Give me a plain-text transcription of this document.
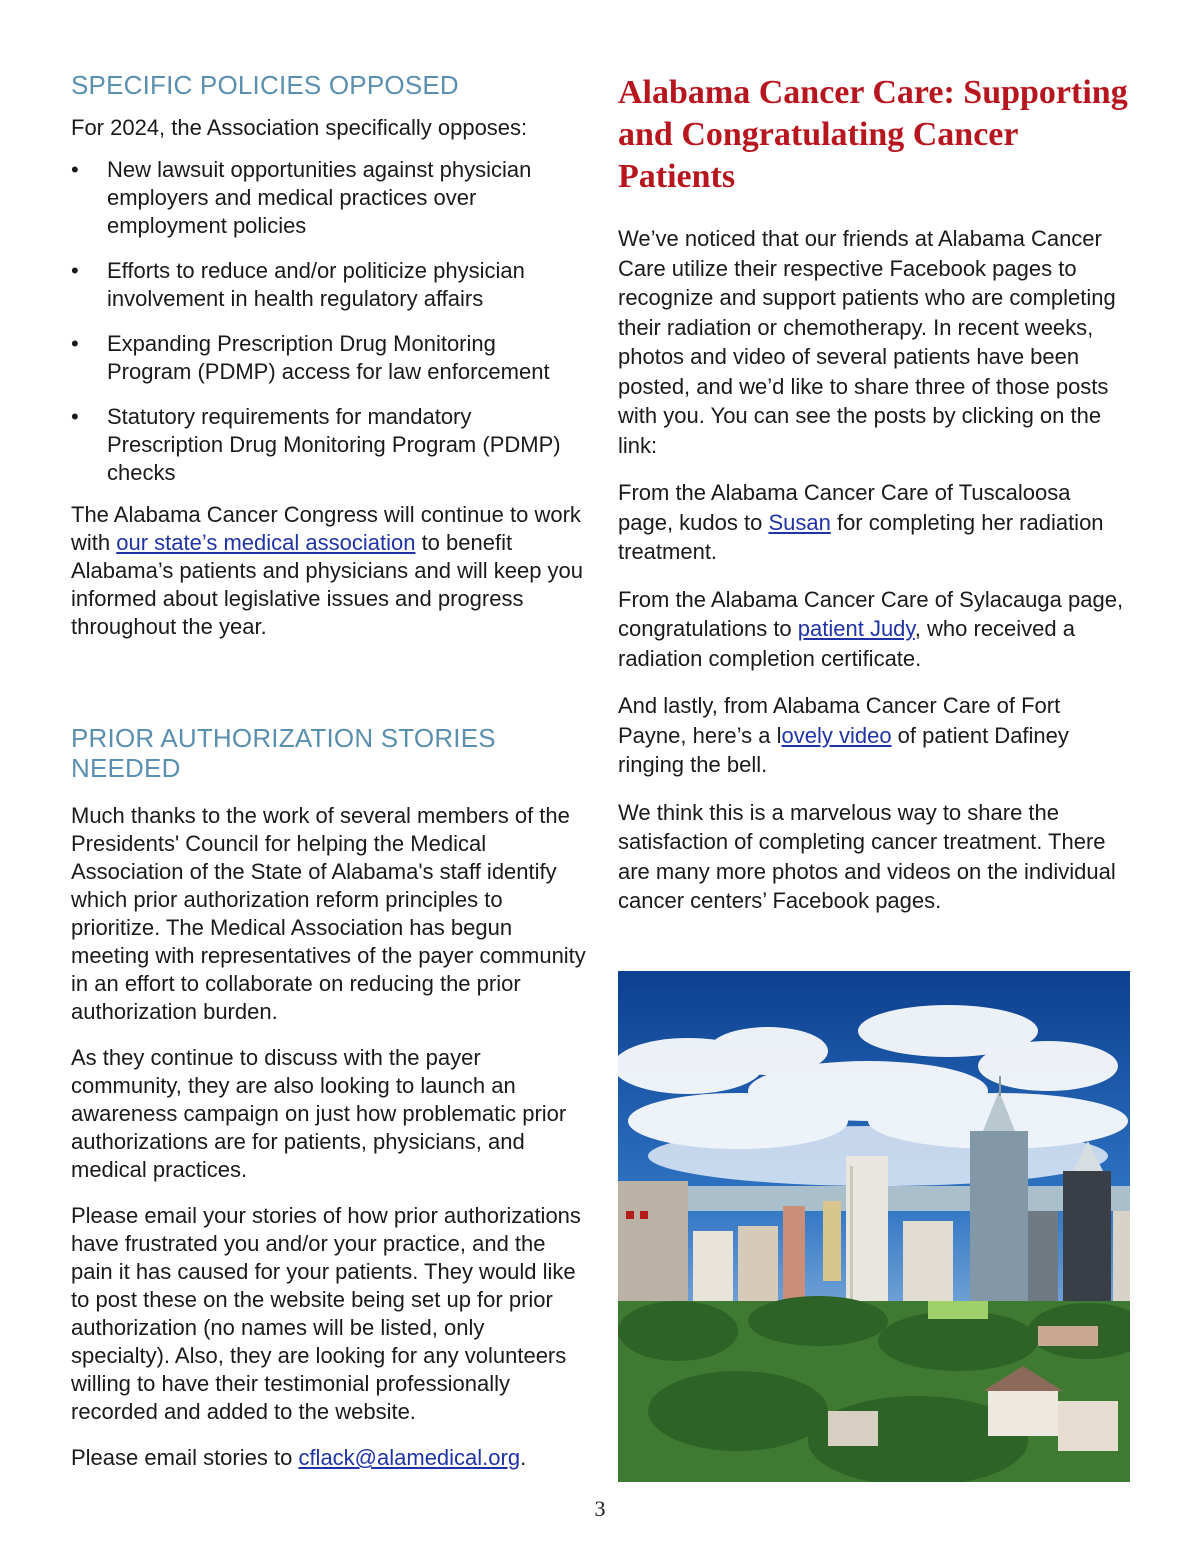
SPECIFIC POLICIES OPPOSED

For 2024, the Association specifically opposes:

• New lawsuit opportunities against physician employers and medical practices over employment policies
• Efforts to reduce and/or politicize physician involvement in health regulatory affairs
• Expanding Prescription Drug Monitoring Program (PDMP) access for law enforcement
• Statutory requirements for mandatory Prescription Drug Monitoring Program (PDMP) checks

The Alabama Cancer Congress will continue to work with our state’s medical association to benefit Alabama’s patients and physicians and will keep you informed about legislative issues and progress throughout the year.

PRIOR AUTHORIZATION STORIES NEEDED

Much thanks to the work of several members of the Presidents' Council for helping the Medical Association of the State of Alabama's staff identify which prior authorization reform principles to prioritize. The Medical Association has begun meeting with representatives of the payer community in an effort to collaborate on reducing the prior authorization burden.

As they continue to discuss with the payer community, they are also looking to launch an awareness campaign on just how problematic prior authorizations are for patients, physicians, and medical practices.

Please email your stories of how prior authorizations have frustrated you and/or your practice, and the pain it has caused for your patients. They would like to post these on the website being set up for prior authorization (no names will be listed, only specialty). Also, they are looking for any volunteers willing to have their testimonial professionally recorded and added to the website.

Please email stories to cflack@alamedical.org.

Alabama Cancer Care: Supporting and Congratulating Cancer Patients

We’ve noticed that our friends at Alabama Cancer Care utilize their respective Facebook pages to recognize and support patients who are completing their radiation or chemotherapy. In recent weeks, photos and video of several patients have been posted, and we’d like to share three of those posts with you. You can see the posts by clicking on the link:

From the Alabama Cancer Care of Tuscaloosa page, kudos to Susan for completing her radiation treatment.

From the Alabama Cancer Care of Sylacauga page, congratulations to patient Judy, who received a radiation completion certificate.

And lastly, from Alabama Cancer Care of Fort Payne, here’s a lovely video of patient Dafiney ringing the bell.

We think this is a marvelous way to share the satisfaction of completing cancer treatment. There are many more photos and videos on the individual cancer centers’ Facebook pages.

3
